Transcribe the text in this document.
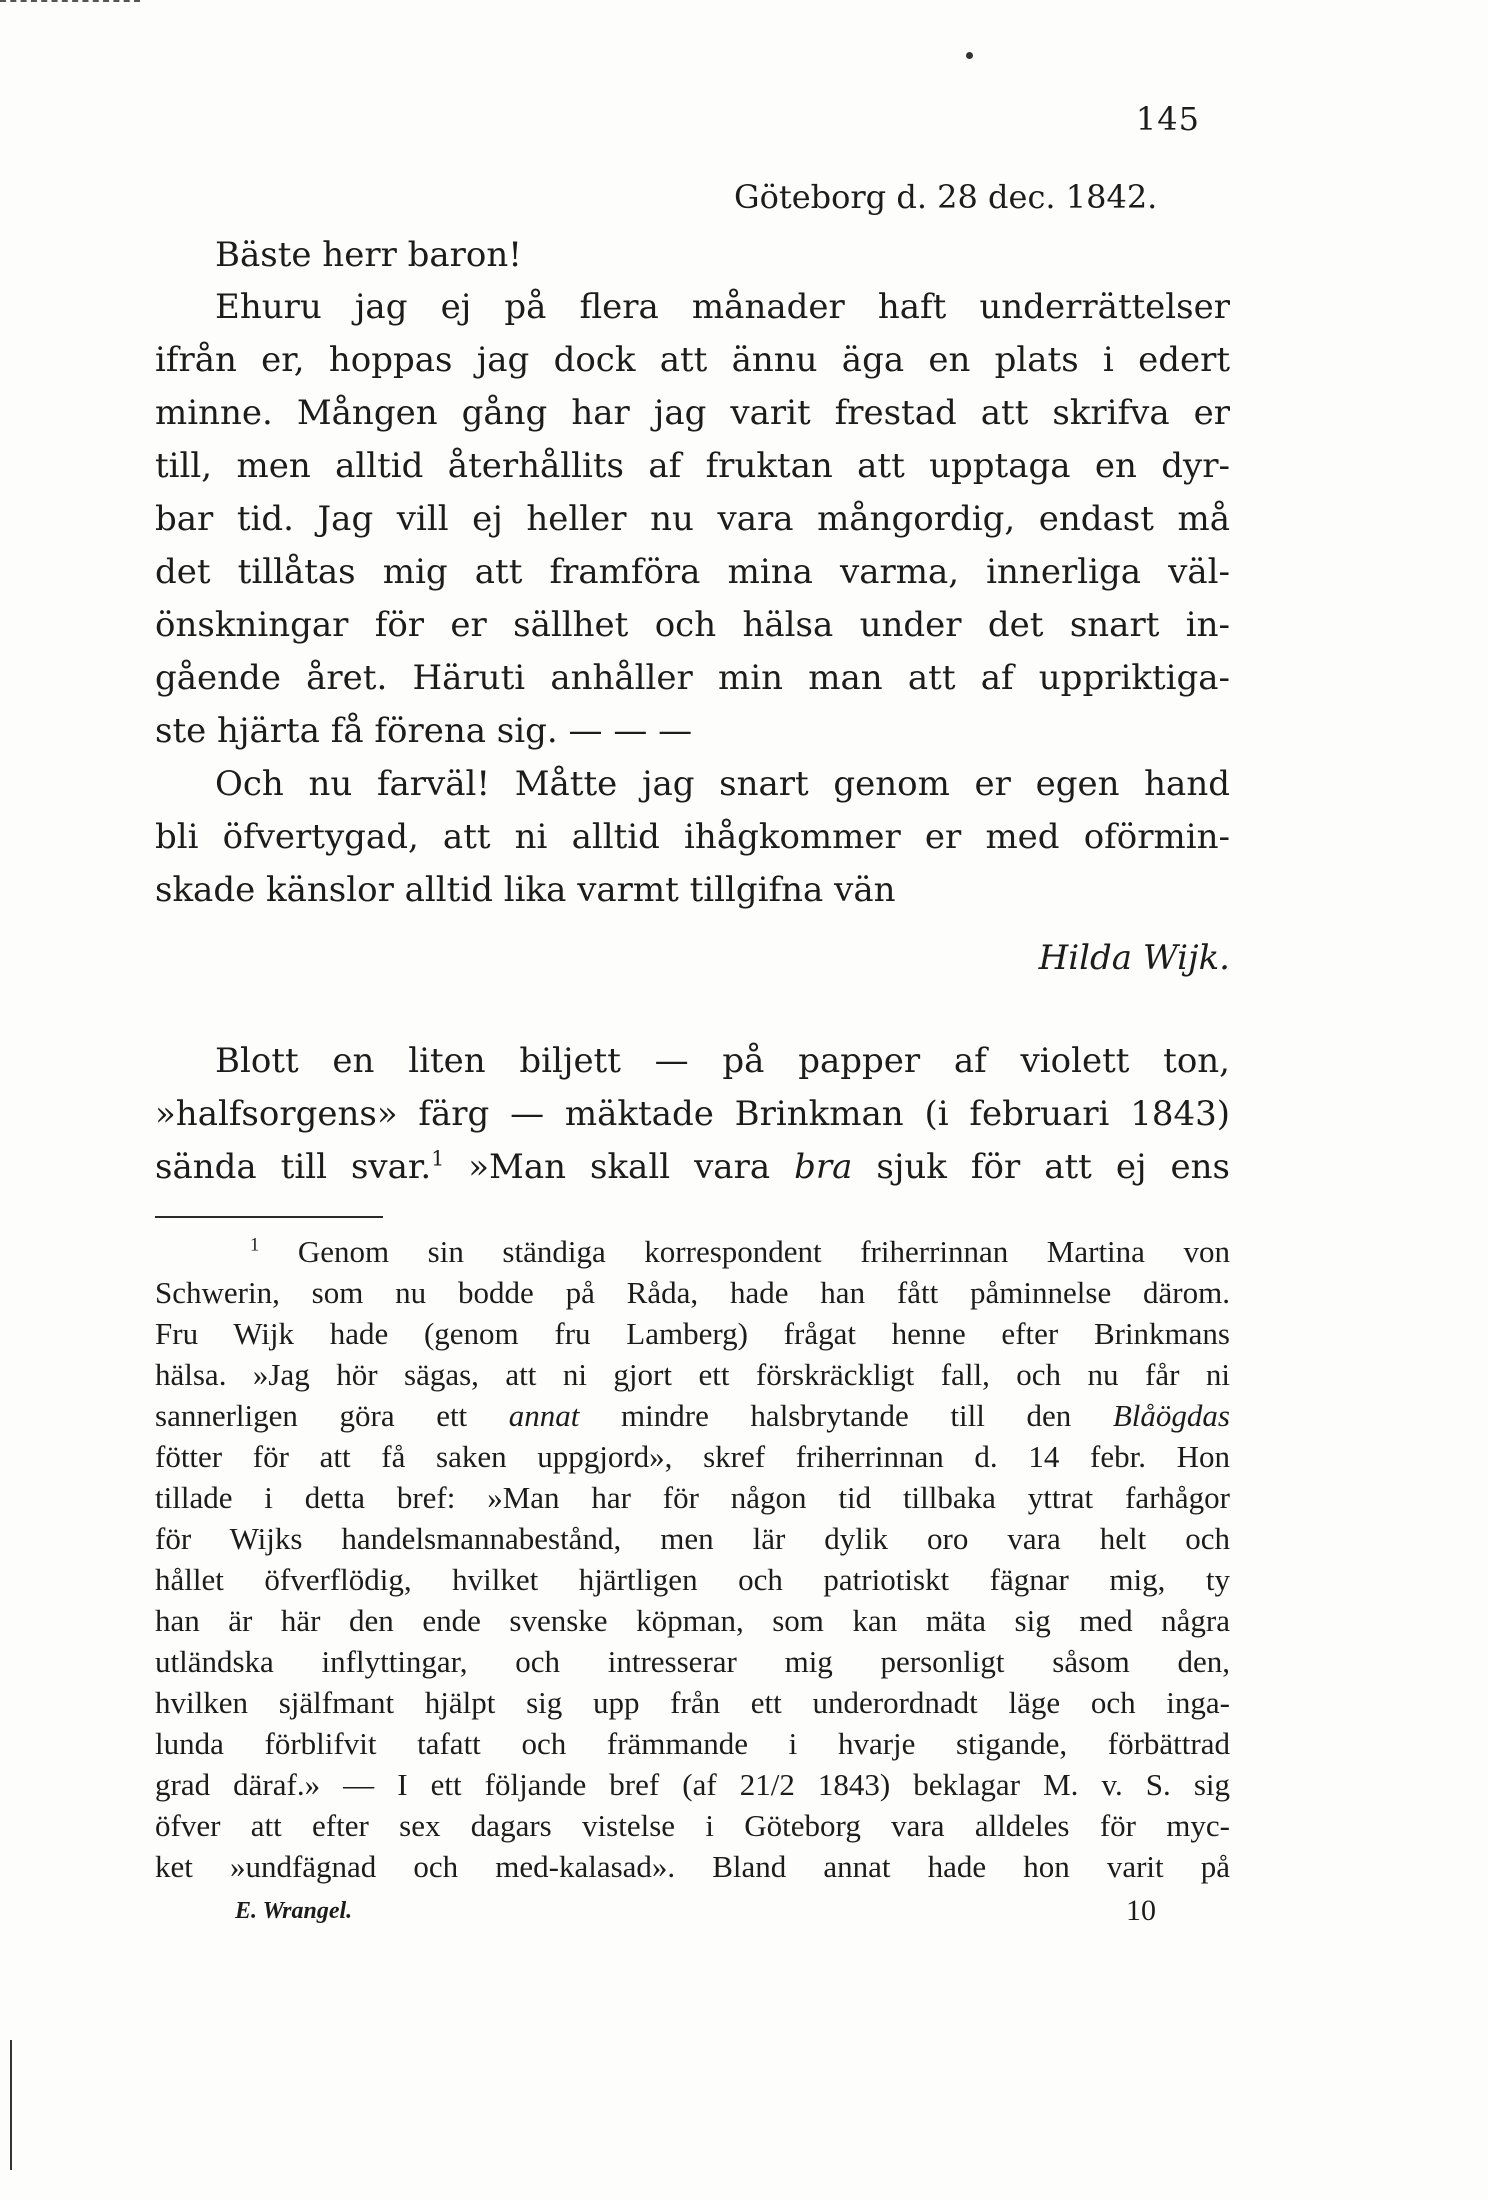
145
Göteborg d. 28 dec. 1842.
Bäste herr baron!
Ehuru jag ej på flera månader haft underrättelser
ifrån er, hoppas jag dock att ännu äga en plats i edert
minne. Mången gång har jag varit frestad att skrifva er
till, men alltid återhållits af fruktan att upptaga en dyr-
bar tid. Jag vill ej heller nu vara mångordig, endast må
det tillåtas mig att framföra mina varma, innerliga väl-
önskningar för er sällhet och hälsa under det snart in-
gående året. Häruti anhåller min man att af uppriktiga-
ste hjärta få förena sig. — — —
Och nu farväl! Måtte jag snart genom er egen hand
bli öfvertygad, att ni alltid ihågkommer er med oförmin-
skade känslor alltid lika varmt tillgifna vän
Hilda Wijk.
Blott en liten biljett — på papper af violett ton,
»halfsorgens» färg — mäktade Brinkman (i februari 1843)
sända till svar.$^1$ »Man skall vara bra sjuk för att ej ens
$^1$ Genom sin ständiga korrespondent friherrinnan Martina von
Schwerin, som nu bodde på Råda, hade han fått påminnelse därom.
Fru Wijk hade (genom fru Lamberg) frågat henne efter Brinkmans
hälsa. »Jag hör sägas, att ni gjort ett förskräckligt fall, och nu får ni
sannerligen göra ett annat mindre halsbrytande till den Blåögdas
fötter för att få saken uppgjord», skref friherrinnan d. 14 febr. Hon
tillade i detta bref: »Man har för någon tid tillbaka yttrat farhågor
för Wijks handelsmannabestånd, men lär dylik oro vara helt och
hållet öfverflödig, hvilket hjärtligen och patriotiskt fägnar mig, ty
han är här den ende svenske köpman, som kan mäta sig med några
utländska inflyttingar, och intresserar mig personligt såsom den,
hvilken själfmant hjälpt sig upp från ett underordnadt läge och inga-
lunda förblifvit tafatt och främmande i hvarje stigande, förbättrad
grad däraf.» — I ett följande bref (af 21/2 1843) beklagar M. v. S. sig
öfver att efter sex dagars vistelse i Göteborg vara alldeles för myc-
ket »undfägnad och med-kalasad». Bland annat hade hon varit på
E. Wrangel.	10
